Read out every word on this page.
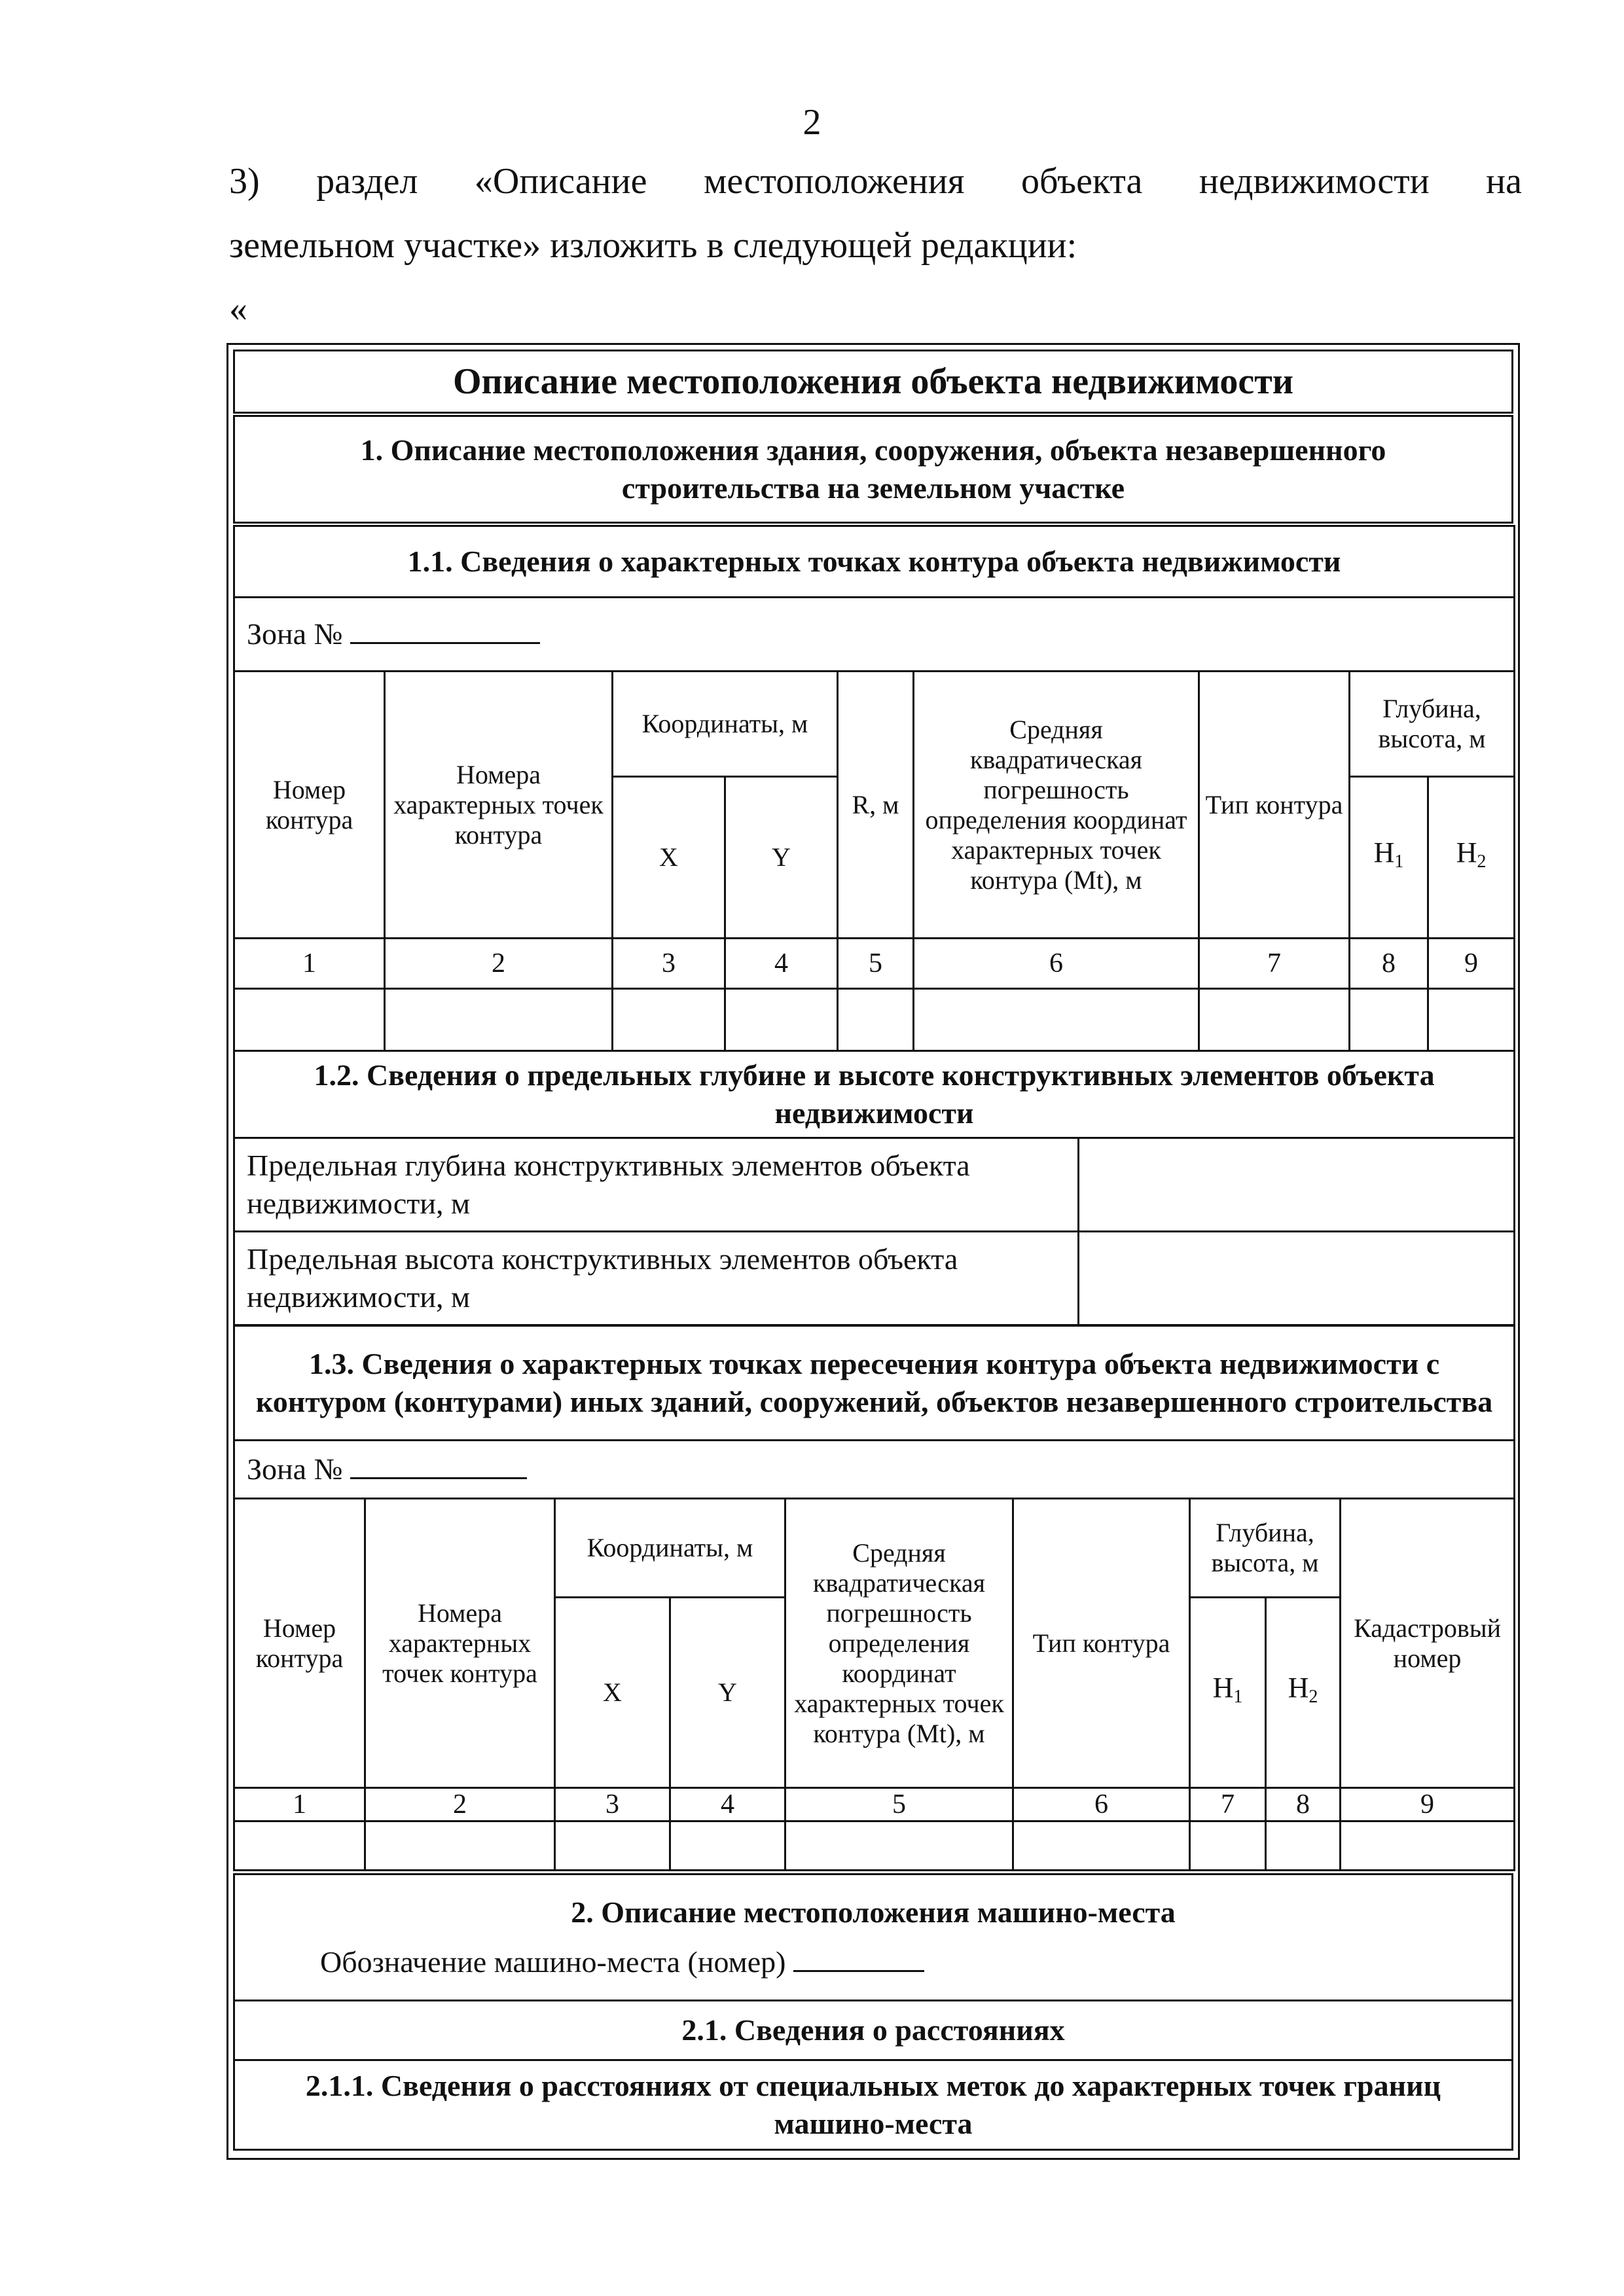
2
3) раздел «Описание местоположения объекта недвижимости на
земельном участке» изложить в следующей редакции:
«
Описание местоположения объекта недвижимости
1. Описание местоположения здания, сооружения, объекта незавершенного строительства на земельном участке
1.1. Сведения о характерных точках контура объекта недвижимости								
Зона №								
Номер контура	Номера характерных точек контура	Координаты, м		R, м	Средняя квадратическая погрешность определения координат характерных точек контура (Mt), м	Тип контура	Глубина, высота, м	
		X	Y				$H_1$	$H_2$

1	2	3	4	5	6	7	8	9

1.2. Сведения о предельных глубине и высоте конструктивных элементов объекта недвижимости	
Предельная глубина конструктивных элементов объекта недвижимости, м	
Предельная высота конструктивных элементов объекта недвижимости, м	
1.3. Сведения о характерных точках пересечения контура объекта недвижимости с контуром (контурами) иных зданий, сооружений, объектов незавершенного строительства								
Зона №								
Номер контура	Номера характерных точек контура	Координаты, м		Средняя квадратическая погрешность определения координат характерных точек контура (Mt), м	Тип контура	Глубина, высота, м		Кадастровый номер
		X	Y			$H_1$	$H_2$

1	2	3	4	5	6	7	8	9

2. Описание местоположения машино-места
Обозначение машино-места (номер)

2.1. Сведения о расстояниях
2.1.1. Сведения о расстояниях от специальных меток до характерных точек границ машино-места
